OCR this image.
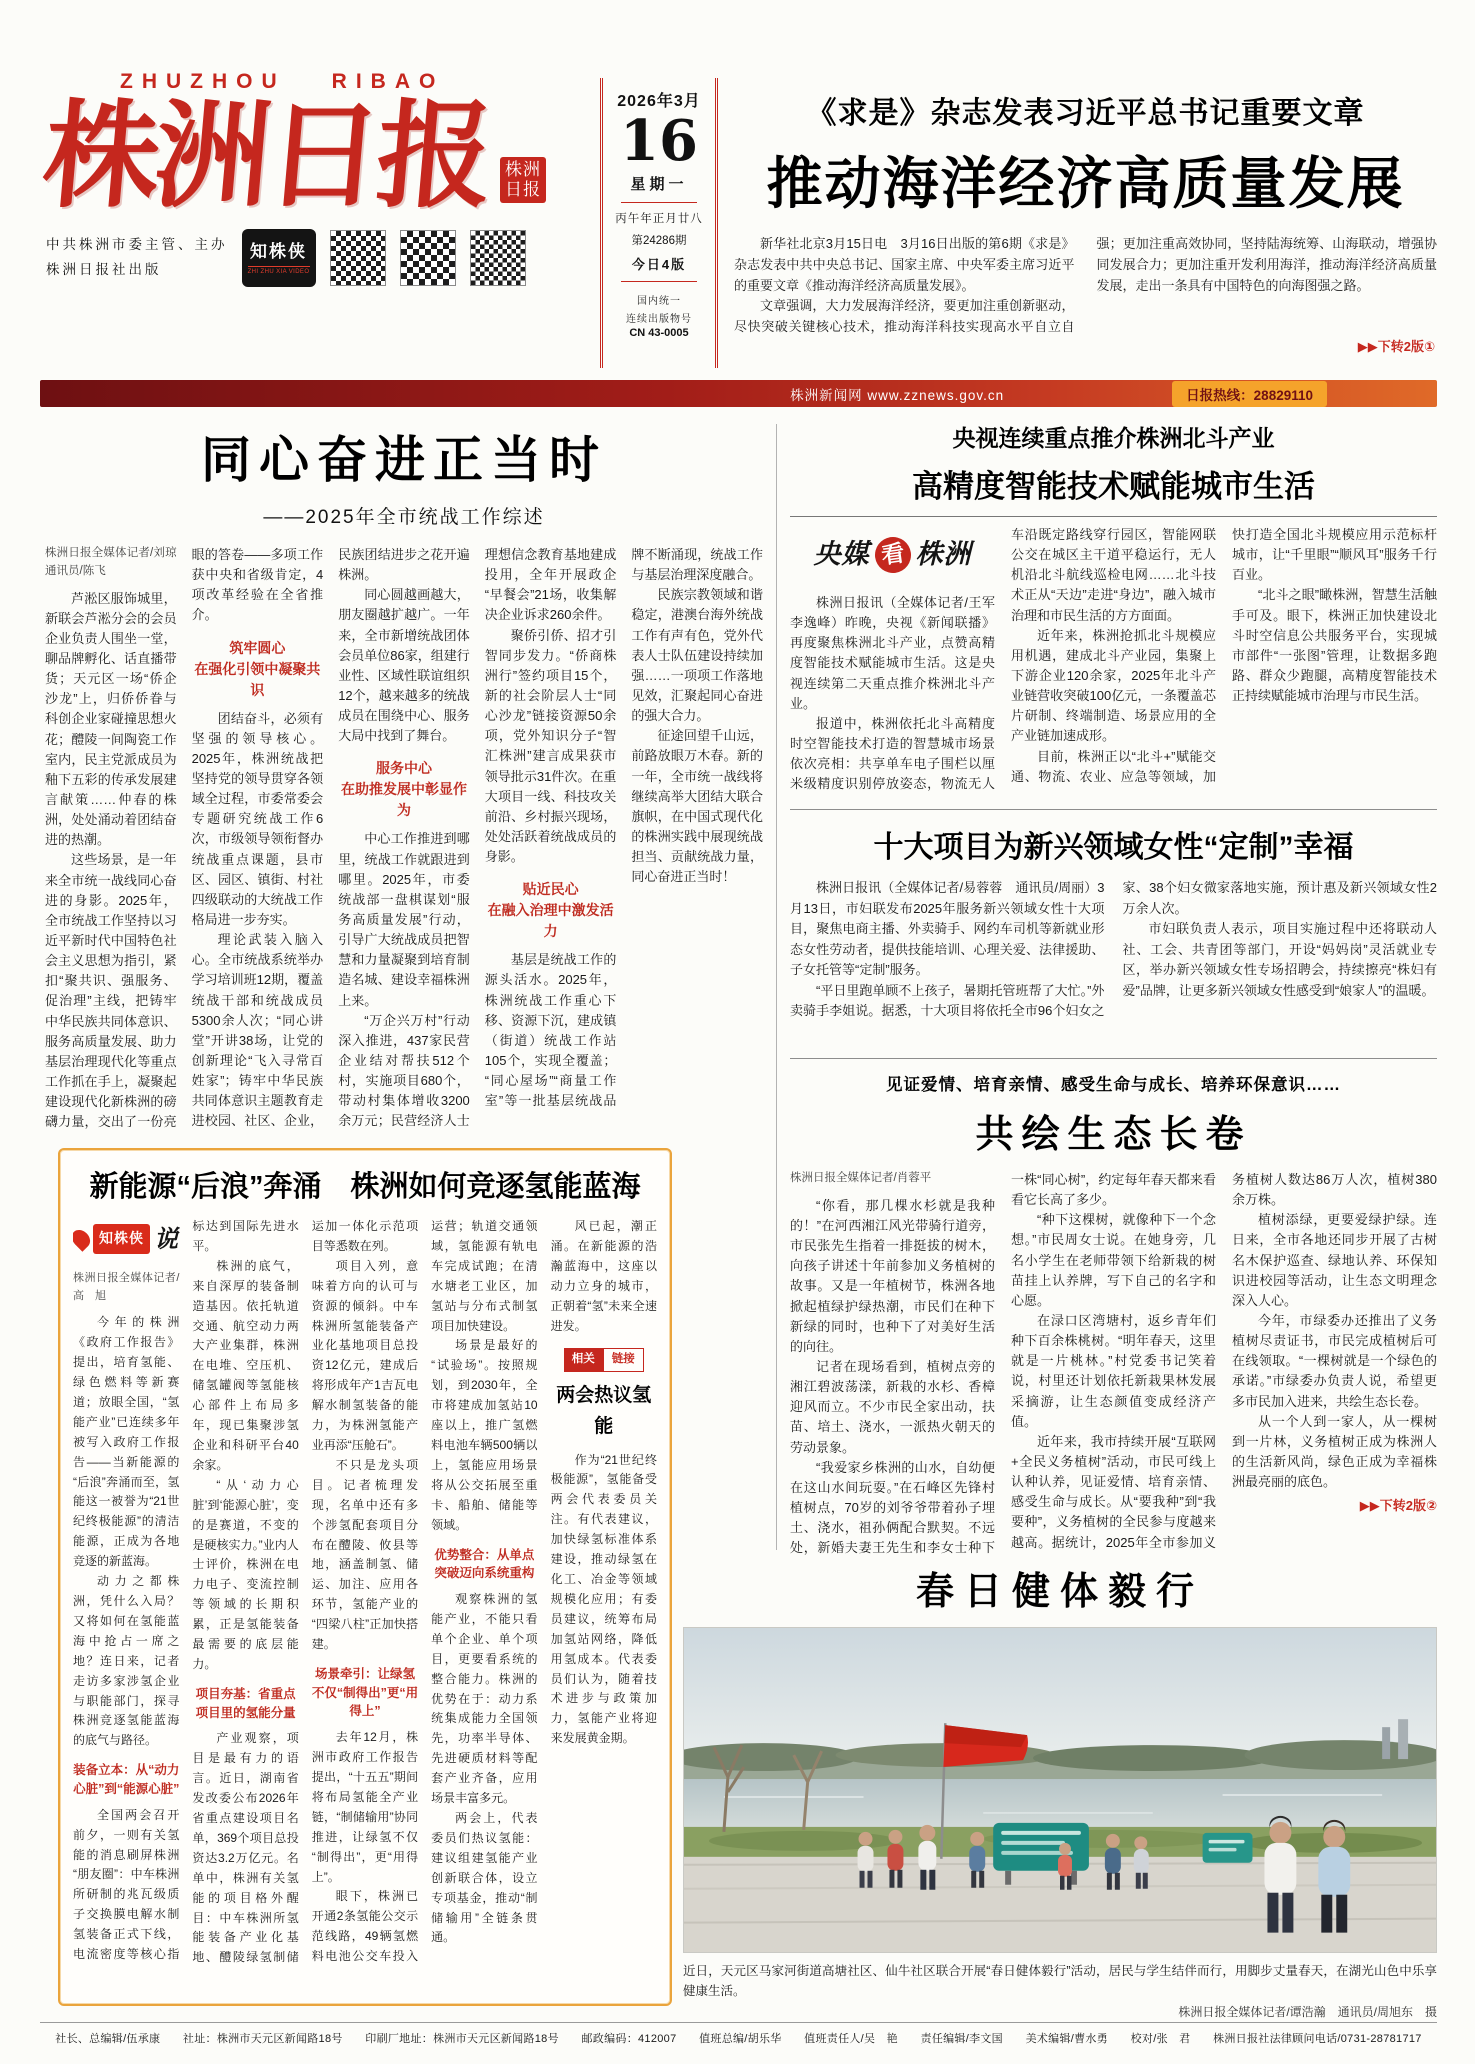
ZHUZHOU RIBAO
株洲日报 株洲日报
中共株洲市委主管、主办
株洲日报社出版
知株侠
ZHI ZHU XIA VIDEO
2026年3月
16
星期一
丙午年正月廿八
第24286期
今日4版
国内统一
连续出版物号
CN 43-0005
《求是》杂志发表习近平总书记重要文章
推动海洋经济高质量发展

新华社北京3月15日电　3月16日出版的第6期《求是》杂志发表中共中央总书记、国家主席、中央军委主席习近平的重要文章《推动海洋经济高质量发展》。

文章强调，大力发展海洋经济，要更加注重创新驱动，尽快突破关键核心技术，推动海洋科技实现高水平自立自强；更加注重高效协同，坚持陆海统筹、山海联动，增强协同发展合力；更加注重开发利用海洋，推动海洋经济高质量发展，走出一条具有中国特色的向海图强之路。

▶▶下转2版①
株洲新闻网 www.zznews.gov.cn	日报热线：28829110
同心奋进正当时
——2025年全市统战工作综述

株洲日报全媒体记者/刘琼　通讯员/陈飞

芦淞区服饰城里，新联会芦淞分会的会员企业负责人围坐一堂，聊品牌孵化、话直播带货；天元区一场“侨企沙龙”上，归侨侨眷与科创企业家碰撞思想火花；醴陵一间陶瓷工作室内，民主党派成员为釉下五彩的传承发展建言献策……仲春的株洲，处处涌动着团结奋进的热潮。

这些场景，是一年来全市统一战线同心奋进的身影。2025年，全市统战工作坚持以习近平新时代中国特色社会主义思想为指引，紧扣“聚共识、强服务、促治理”主线，把铸牢中华民族共同体意识、服务高质量发展、助力基层治理现代化等重点工作抓在手上，凝聚起建设现代化新株洲的磅礴力量，交出了一份亮眼的答卷——多项工作获中央和省级肯定，4项改革经验在全省推介。

筑牢圆心
在强化引领中凝聚共识

团结奋斗，必须有坚强的领导核心。2025年，株洲统战把坚持党的领导贯穿各领域全过程，市委常委会专题研究统战工作6次，市级领导领衔督办统战重点课题，县市区、园区、镇街、村社四级联动的大统战工作格局进一步夯实。

理论武装入脑入心。全市统战系统举办学习培训班12期，覆盖统战干部和统战成员5300余人次；“同心讲堂”开讲38场，让党的创新理论“飞入寻常百姓家”；铸牢中华民族共同体意识主题教育走进校园、社区、企业，民族团结进步之花开遍株洲。

同心圆越画越大，朋友圈越扩越广。一年来，全市新增统战团体会员单位86家，组建行业性、区域性联谊组织12个，越来越多的统战成员在围绕中心、服务大局中找到了舞台。

服务中心
在助推发展中彰显作为

中心工作推进到哪里，统战工作就跟进到哪里。2025年，市委统战部一盘棋谋划“服务高质量发展”行动，引导广大统战成员把智慧和力量凝聚到培育制造名城、建设幸福株洲上来。

“万企兴万村”行动深入推进，437家民营企业结对帮扶512个村，实施项目680个，带动村集体增收3200余万元；民营经济人士理想信念教育基地建成投用，全年开展政企“早餐会”21场，收集解决企业诉求260余件。

聚侨引侨、招才引智同步发力。“侨商株洲行”签约项目15个，新的社会阶层人士“同心沙龙”链接资源50余项，党外知识分子“智汇株洲”建言成果获市领导批示31件次。在重大项目一线、科技攻关前沿、乡村振兴现场，处处活跃着统战成员的身影。

贴近民心
在融入治理中激发活力

基层是统战工作的源头活水。2025年，株洲统战工作重心下移、资源下沉，建成镇（街道）统战工作站105个，实现全覆盖；“同心屋场”“商量工作室”等一批基层统战品牌不断涌现，统战工作与基层治理深度融合。

民族宗教领域和谐稳定，港澳台海外统战工作有声有色，党外代表人士队伍建设持续加强……一项项工作落地见效，汇聚起同心奋进的强大合力。

征途回望千山远，前路放眼万木春。新的一年，全市统一战线将继续高举大团结大联合旗帜，在中国式现代化的株洲实践中展现统战担当、贡献统战力量，同心奋进正当时！

央视连续重点推介株洲北斗产业
高精度智能技术赋能城市生活
央媒 看 株洲

株洲日报讯（全媒体记者/王军　李逸峰）昨晚，央视《新闻联播》再度聚焦株洲北斗产业，点赞高精度智能技术赋能城市生活。这是央视连续第二天重点推介株洲北斗产业。

报道中，株洲依托北斗高精度时空智能技术打造的智慧城市场景依次亮相：共享单车电子围栏以厘米级精度识别停放姿态，物流无人车沿既定路线穿行园区，智能网联公交在城区主干道平稳运行，无人机沿北斗航线巡检电网……北斗技术正从“天边”走进“身边”，融入城市治理和市民生活的方方面面。

近年来，株洲抢抓北斗规模应用机遇，建成北斗产业园，集聚上下游企业120余家，2025年北斗产业链营收突破100亿元，一条覆盖芯片研制、终端制造、场景应用的全产业链加速成形。

目前，株洲正以“北斗+”赋能交通、物流、农业、应急等领域，加快打造全国北斗规模应用示范标杆城市，让“千里眼”“顺风耳”服务千行百业。

“北斗之眼”瞰株洲，智慧生活触手可及。眼下，株洲正加快建设北斗时空信息公共服务平台，实现城市部件“一张图”管理，让数据多跑路、群众少跑腿，高精度智能技术正持续赋能城市治理与市民生活。

十大项目为新兴领域女性“定制”幸福

株洲日报讯（全媒体记者/易蓉蓉　通讯员/周丽）3月13日，市妇联发布2025年服务新兴领域女性十大项目，聚焦电商主播、外卖骑手、网约车司机等新就业形态女性劳动者，提供技能培训、心理关爱、法律援助、子女托管等“定制”服务。

“平日里跑单顾不上孩子，暑期托管班帮了大忙。”外卖骑手李姐说。据悉，十大项目将依托全市96个妇女之家、38个妇女微家落地实施，预计惠及新兴领域女性2万余人次。

市妇联负责人表示，项目实施过程中还将联动人社、工会、共青团等部门，开设“妈妈岗”灵活就业专区，举办新兴领域女性专场招聘会，持续擦亮“株妇有爱”品牌，让更多新兴领域女性感受到“娘家人”的温暖。

见证爱情、培育亲情、感受生命与成长、培养环保意识……
共绘生态长卷

株洲日报全媒体记者/肖蓉平

“你看，那几棵水杉就是我种的！”在河西湘江风光带骑行道旁，市民张先生指着一排挺拔的树木，向孩子讲述十年前参加义务植树的故事。又是一年植树节，株洲各地掀起植绿护绿热潮，市民们在种下新绿的同时，也种下了对美好生活的向往。

记者在现场看到，植树点旁的湘江碧波荡漾，新栽的水杉、香樟迎风而立。不少市民全家出动，扶苗、培土、浇水，一派热火朝天的劳动景象。

“我爱家乡株洲的山水，自幼便在这山水间玩耍。”在石峰区先锋村植树点，70岁的刘爷爷带着孙子埋土、浇水，祖孙俩配合默契。不远处，新婚夫妻王先生和李女士种下一株“同心树”，约定每年春天都来看看它长高了多少。

“种下这棵树，就像种下一个念想。”市民周女士说。在她身旁，几名小学生在老师带领下给新栽的树苗挂上认养牌，写下自己的名字和心愿。

在渌口区湾塘村，返乡青年们种下百余株桃树。“明年春天，这里就是一片桃林。”村党委书记笑着说，村里还计划依托新栽果林发展采摘游，让生态颜值变成经济产值。

近年来，我市持续开展“互联网+全民义务植树”活动，市民可线上认种认养，见证爱情、培育亲情、感受生命与成长。从“要我种”到“我要种”，义务植树的全民参与度越来越高。据统计，2025年全市参加义务植树人数达86万人次，植树380余万株。

植树添绿，更要爱绿护绿。连日来，全市各地还同步开展了古树名木保护巡查、绿地认养、环保知识进校园等活动，让生态文明理念深入人心。

今年，市绿委办还推出了义务植树尽责证书，市民完成植树后可在线领取。“一棵树就是一个绿色的承诺。”市绿委办负责人说，希望更多市民加入进来，共绘生态长卷。

从一个人到一家人，从一棵树到一片林，义务植树正成为株洲人的生活新风尚，绿色正成为幸福株洲最亮丽的底色。

▶▶下转2版②

新能源“后浪”奔涌　株洲如何竞逐氢能蓝海
知株侠 说

株洲日报全媒体记者/高　旭

今年的株洲《政府工作报告》提出，培育氢能、绿色燃料等新赛道；放眼全国，“氢能产业”已连续多年被写入政府工作报告——当新能源的“后浪”奔涌而至，氢能这一被誉为“21世纪终极能源”的清洁能源，正成为各地竞逐的新蓝海。

动力之都株洲，凭什么入局？又将如何在氢能蓝海中抢占一席之地？连日来，记者走访多家涉氢企业与职能部门，探寻株洲竞逐氢能蓝海的底气与路径。

装备立本：从“动力心脏”到“能源心脏”

全国两会召开前夕，一则有关氢能的消息刷屏株洲“朋友圈”：中车株洲所研制的兆瓦级质子交换膜电解水制氢装备正式下线，电流密度等核心指标达到国际先进水平。

株洲的底气，来自深厚的装备制造基因。依托轨道交通、航空动力两大产业集群，株洲在电堆、空压机、储氢罐阀等氢能核心部件上布局多年，现已集聚涉氢企业和科研平台40余家。

“从‘动力心脏’到‘能源心脏’，变的是赛道，不变的是硬核实力。”业内人士评价，株洲在电力电子、变流控制等领域的长期积累，正是氢能装备最需要的底层能力。

项目夯基：省重点项目里的氢能分量

产业观察，项目是最有力的语言。近日，湖南省发改委公布2026年省重点建设项目名单，369个项目总投资达3.2万亿元。名单中，株洲有关氢能的项目格外醒目：中车株洲所氢能装备产业化基地、醴陵绿氢制储运加一体化示范项目等悉数在列。

项目入列，意味着方向的认可与资源的倾斜。中车株洲所氢能装备产业化基地项目总投资12亿元，建成后将形成年产1吉瓦电解水制氢装备的能力，为株洲氢能产业再添“压舱石”。

不只是龙头项目。记者梳理发现，名单中还有多个涉氢配套项目分布在醴陵、攸县等地，涵盖制氢、储运、加注、应用各环节，氢能产业的“四梁八柱”正加快搭建。

场景牵引：让绿氢不仅“制得出”更“用得上”

去年12月，株洲市政府工作报告提出，“十五五”期间将布局氢能全产业链，“制储输用”协同推进，让绿氢不仅“制得出”，更“用得上”。

眼下，株洲已开通2条氢能公交示范线路，49辆氢燃料电池公交车投入运营；轨道交通领域，氢能源有轨电车完成试跑；在清水塘老工业区，加氢站与分布式制氢项目加快建设。

场景是最好的“试验场”。按照规划，到2030年，全市将建成加氢站10座以上，推广氢燃料电池车辆500辆以上，氢能应用场景将从公交拓展至重卡、船舶、储能等领域。

优势整合：从单点突破迈向系统重构

观察株洲的氢能产业，不能只看单个企业、单个项目，更要看系统的整合能力。株洲的优势在于：动力系统集成能力全国领先，功率半导体、先进硬质材料等配套产业齐备，应用场景丰富多元。

两会上，代表委员们热议氢能：建议组建氢能产业创新联合体，设立专项基金，推动“制储输用”全链条贯通。

风已起，潮正涌。在新能源的浩瀚蓝海中，这座以动力立身的城市，正朝着“氢”未来全速进发。

相关	链接
两会热议氢能

作为“21世纪终极能源”，氢能备受两会代表委员关注。有代表建议，加快绿氢标准体系建设，推动绿氢在化工、冶金等领域规模化应用；有委员建议，统筹布局加氢站网络，降低用氢成本。代表委员们认为，随着技术进步与政策加力，氢能产业将迎来发展黄金期。

春日健体毅行

近日，天元区马家河街道高塘社区、仙牛社区联合开展“春日健体毅行”活动，居民与学生结伴而行，用脚步丈量春天，在湖光山色中乐享健康生活。

株洲日报全媒体记者/谭浩瀚　通讯员/周旭东　摄
社长、总编辑/伍承康　　社址：株洲市天元区新闻路18号　　印刷厂地址：株洲市天元区新闻路18号　　邮政编码：412007　　值班总编/胡乐华　　值班责任人/吴　艳　　责任编辑/李文国　　美术编辑/曹水勇　　校对/张　君　　株洲日报社法律顾问电话/0731-28781717
